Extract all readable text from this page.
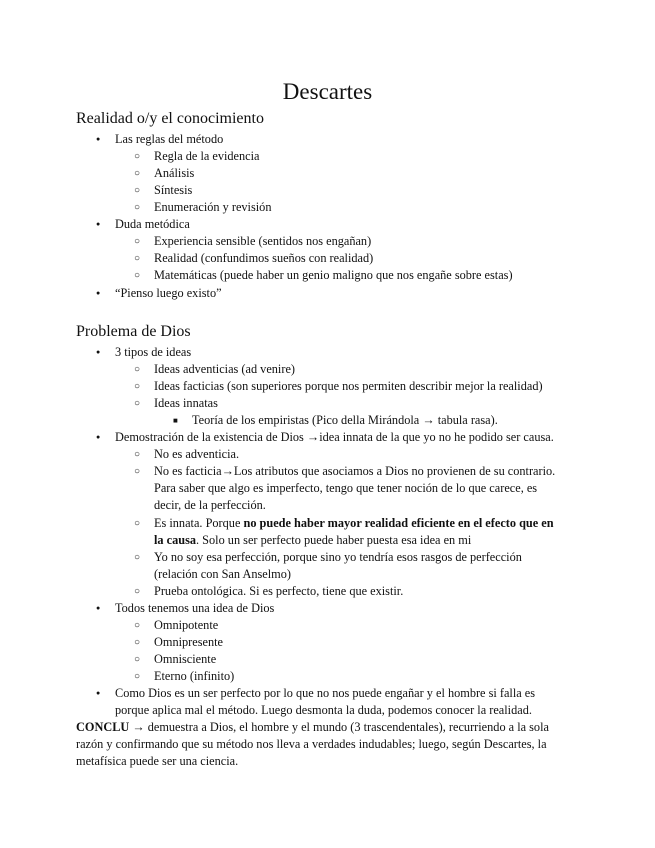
Descartes
Realidad o/y el conocimiento
●
Las reglas del método
○
Regla de la evidencia
○
Análisis
○
Síntesis
○
Enumeración y revisión
●
Duda metódica
○
Experiencia sensible (sentidos nos engañan)
○
Realidad (confundimos sueños con realidad)
○
Matemáticas (puede haber un genio maligno que nos engañe sobre estas)
●
“Pienso luego existo”
Problema de Dios
●
3 tipos de ideas
○
Ideas adventicias (ad venire)
○
Ideas facticias (son superiores porque nos permiten describir mejor la realidad)
○
Ideas innatas
■
Teoría de los empiristas (Pico della Mirándola → tabula rasa).
●
Demostración de la existencia de Dios →idea innata de la que yo no he podido ser causa.
○
No es adventicia.
○
No es facticia→Los atributos que asociamos a Dios no provienen de su contrario.
Para saber que algo es imperfecto, tengo que tener noción de lo que carece, es
decir, de la perfección.
○
Es innata. Porque no puede haber mayor realidad eficiente en el efecto que en
la causa. Solo un ser perfecto puede haber puesta esa idea en mi
○
Yo no soy esa perfección, porque sino yo tendría esos rasgos de perfección
(relación con San Anselmo)
○
Prueba ontológica. Si es perfecto, tiene que existir.
●
Todos tenemos una idea de Dios
○
Omnipotente
○
Omnipresente
○
Omnisciente
○
Eterno (infinito)
●
Como Dios es un ser perfecto por lo que no nos puede engañar y el hombre si falla es
porque aplica mal el método. Luego desmonta la duda, podemos conocer la realidad.
CONCLU → demuestra a Dios, el hombre y el mundo (3 trascendentales), recurriendo a la sola
razón y confirmando que su método nos lleva a verdades indudables; luego, según Descartes, la
metafísica puede ser una ciencia.
